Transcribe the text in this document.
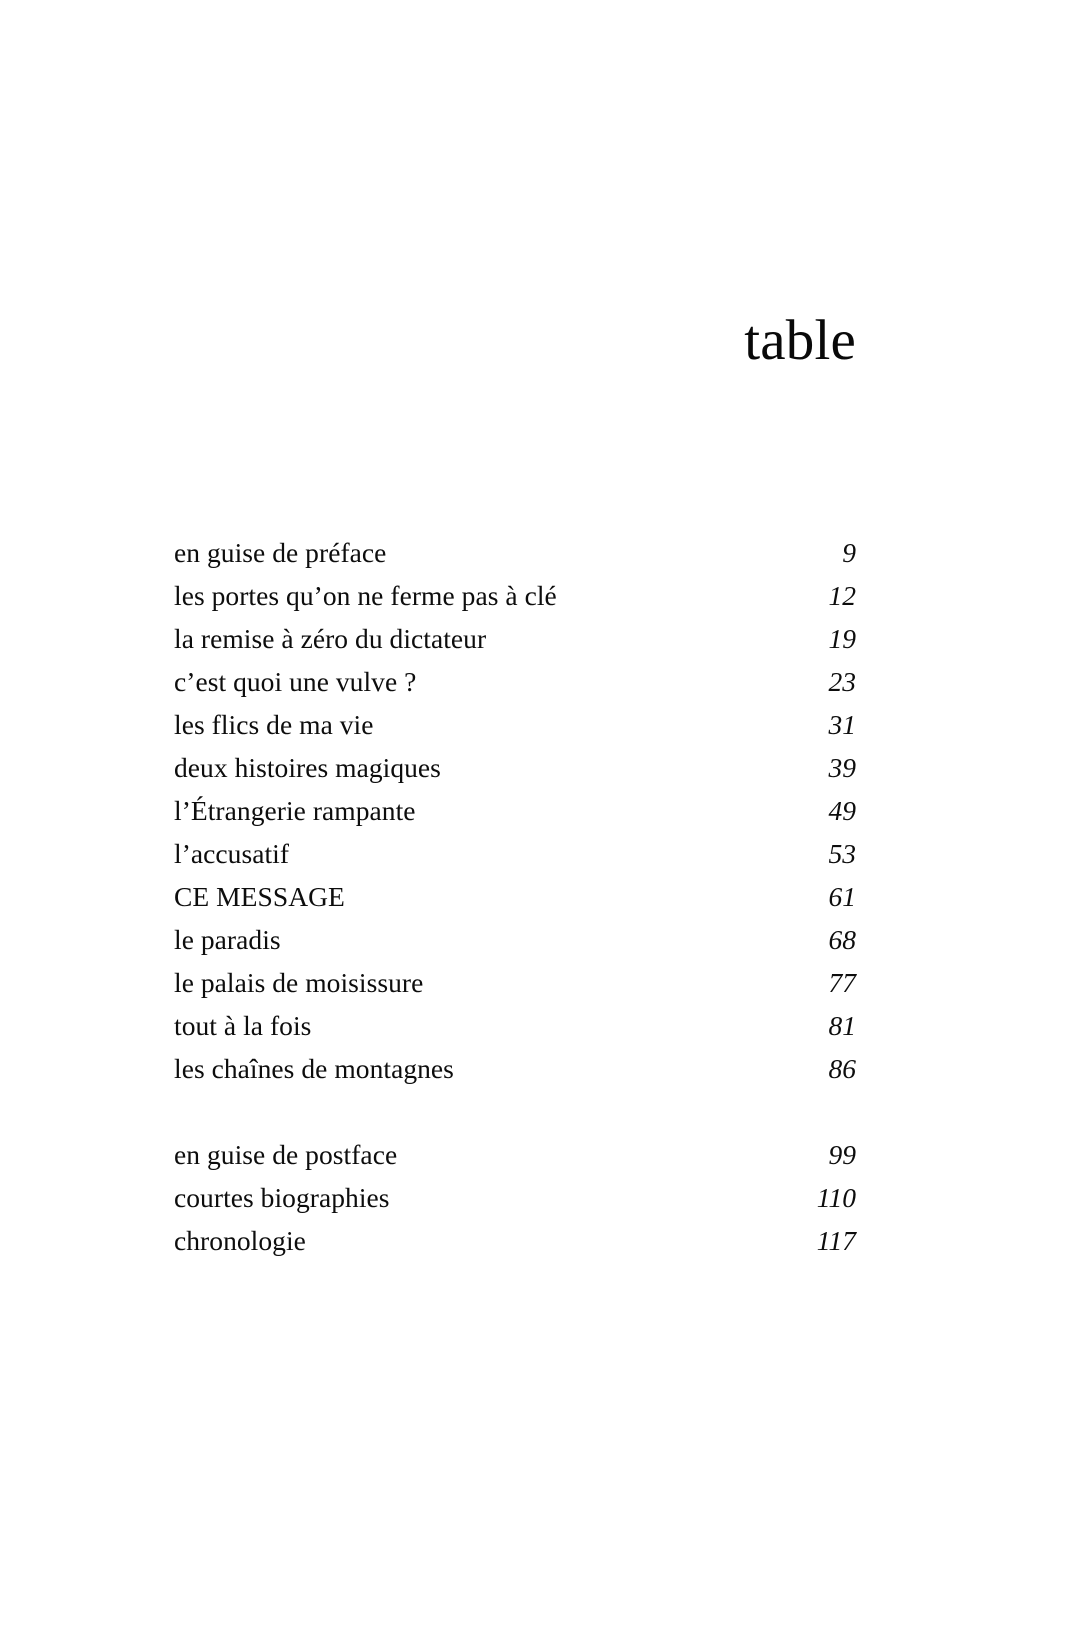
table
en guise de préface	9
les portes qu’on ne ferme pas à clé	12
la remise à zéro du dictateur	19
c’est quoi une vulve ?	23
les flics de ma vie	31
deux histoires magiques	39
l’Étrangerie rampante	49
l’accusatif	53
CE MESSAGE	61
le paradis	68
le palais de moisissure	77
tout à la fois	81
les chaînes de montagnes	86
en guise de postface	99
courtes biographies	110
chronologie	117
